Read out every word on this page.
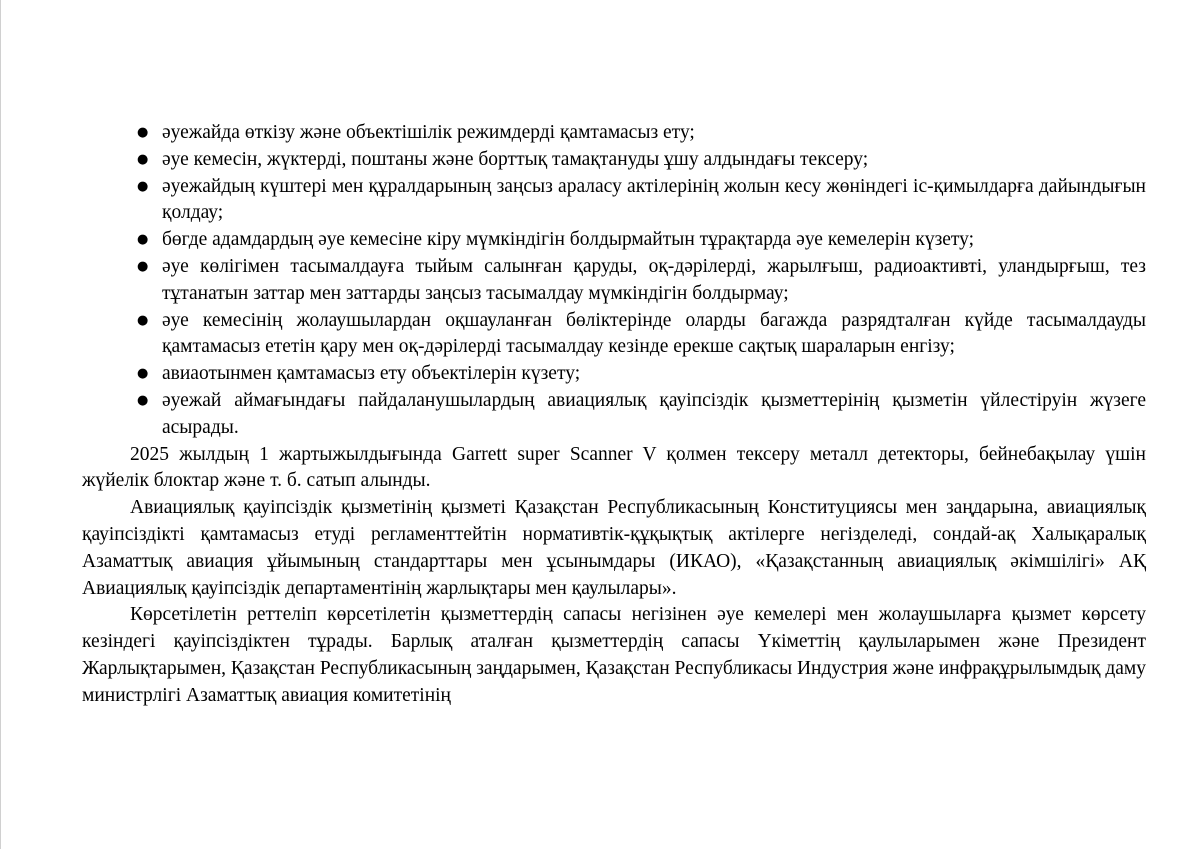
● әуежайда өткізу және объектішілік режимдерді қамтамасыз ету;
● әуе кемесін, жүктерді, поштаны және борттық тамақтануды ұшу алдындағы тексеру;
● әуежайдың күштері мен құралдарының заңсыз араласу актілерінің жолын кесу жөніндегі іс-қимылдарға дайындығын қолдау;
● бөгде адамдардың әуе кемесіне кіру мүмкіндігін болдырмайтын тұрақтарда әуе кемелерін күзету;
● әуе көлігімен тасымалдауға тыйым салынған қаруды, оқ-дәрілерді, жарылғыш, радиоактивті, уландырғыш, тез тұтанатын заттар мен заттарды заңсыз тасымалдау мүмкіндігін болдырмау;
● әуе кемесінің жолаушылардан оқшауланған бөліктерінде оларды багажда разрядталған күйде тасымалдауды қамтамасыз ететін қару мен оқ-дәрілерді тасымалдау кезінде ерекше сақтық шараларын енгізу;
● авиаотынмен қамтамасыз ету объектілерін күзету;
● әуежай аймағындағы пайдаланушылардың авиациялық қауіпсіздік қызметтерінің қызметін үйлестіруін жүзеге асырады.

2025 жылдың 1 жартыжылдығында Garrett super Scanner V қолмен тексеру металл детекторы, бейнебақылау үшін жүйелік блоктар және т. б. сатып алынды.

Авиациялық қауіпсіздік қызметінің қызметі Қазақстан Республикасының Конституциясы мен заңдарына, авиациялық қауіпсіздікті қамтамасыз етуді регламенттейтін нормативтік-құқықтық актілерге негізделеді, сондай-ақ Халықаралық Азаматтық авиация ұйымының стандарттары мен ұсынымдары (ИКАО), «Қазақстанның авиациялық әкімшілігі» АҚ Авиациялық қауіпсіздік департаментінің жарлықтары мен қаулылары».

Көрсетілетін реттеліп көрсетілетін қызметтердің сапасы негізінен әуе кемелері мен жолаушыларға қызмет көрсету кезіндегі қауіпсіздіктен тұрады. Барлық аталған қызметтердің сапасы Үкіметтің қаулыларымен және Президент Жарлықтарымен, Қазақстан Республикасының заңдарымен, Қазақстан Республикасы Индустрия және инфрақұрылымдық даму министрлігі Азаматтық авиация комитетінің
